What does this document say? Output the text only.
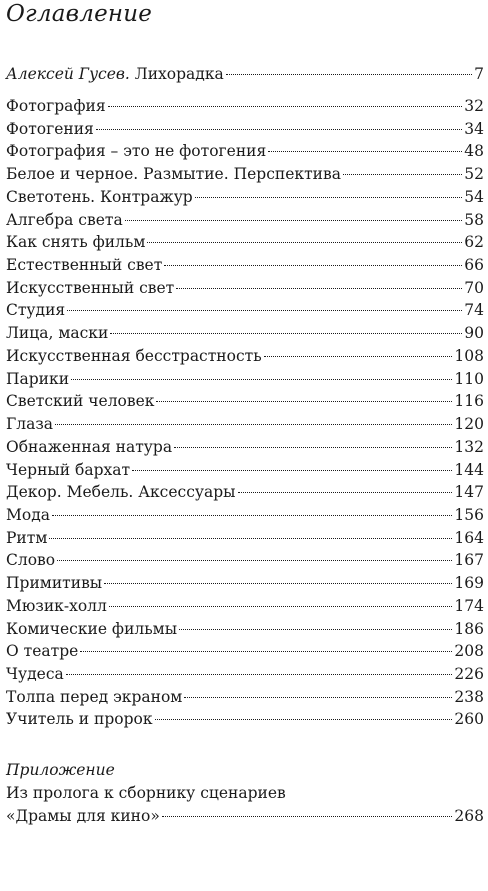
Оглавление
Алексей Гусев. Лихорадка	7
Фотография	32
Фотогения	34
Фотография – это не фотогения	48
Белое и черное. Размытие. Перспектива	52
Светотень. Контражур	54
Алгебра света	58
Как снять фильм	62
Естественный свет	66
Искусственный свет	70
Студия	74
Лица, маски	90
Искусственная бесстрастность	108
Парики	110
Светский человек	116
Глаза	120
Обнаженная натура	132
Черный бархат	144
Декор. Мебель. Аксессуары	147
Мода	156
Ритм	164
Слово	167
Примитивы	169
Мюзик-холл	174
Комические фильмы	186
О театре	208
Чудеса	226
Толпа перед экраном	238
Учитель и пророк	260
Приложение
Из пролога к сборнику сценариев
«Драмы для кино»	268
